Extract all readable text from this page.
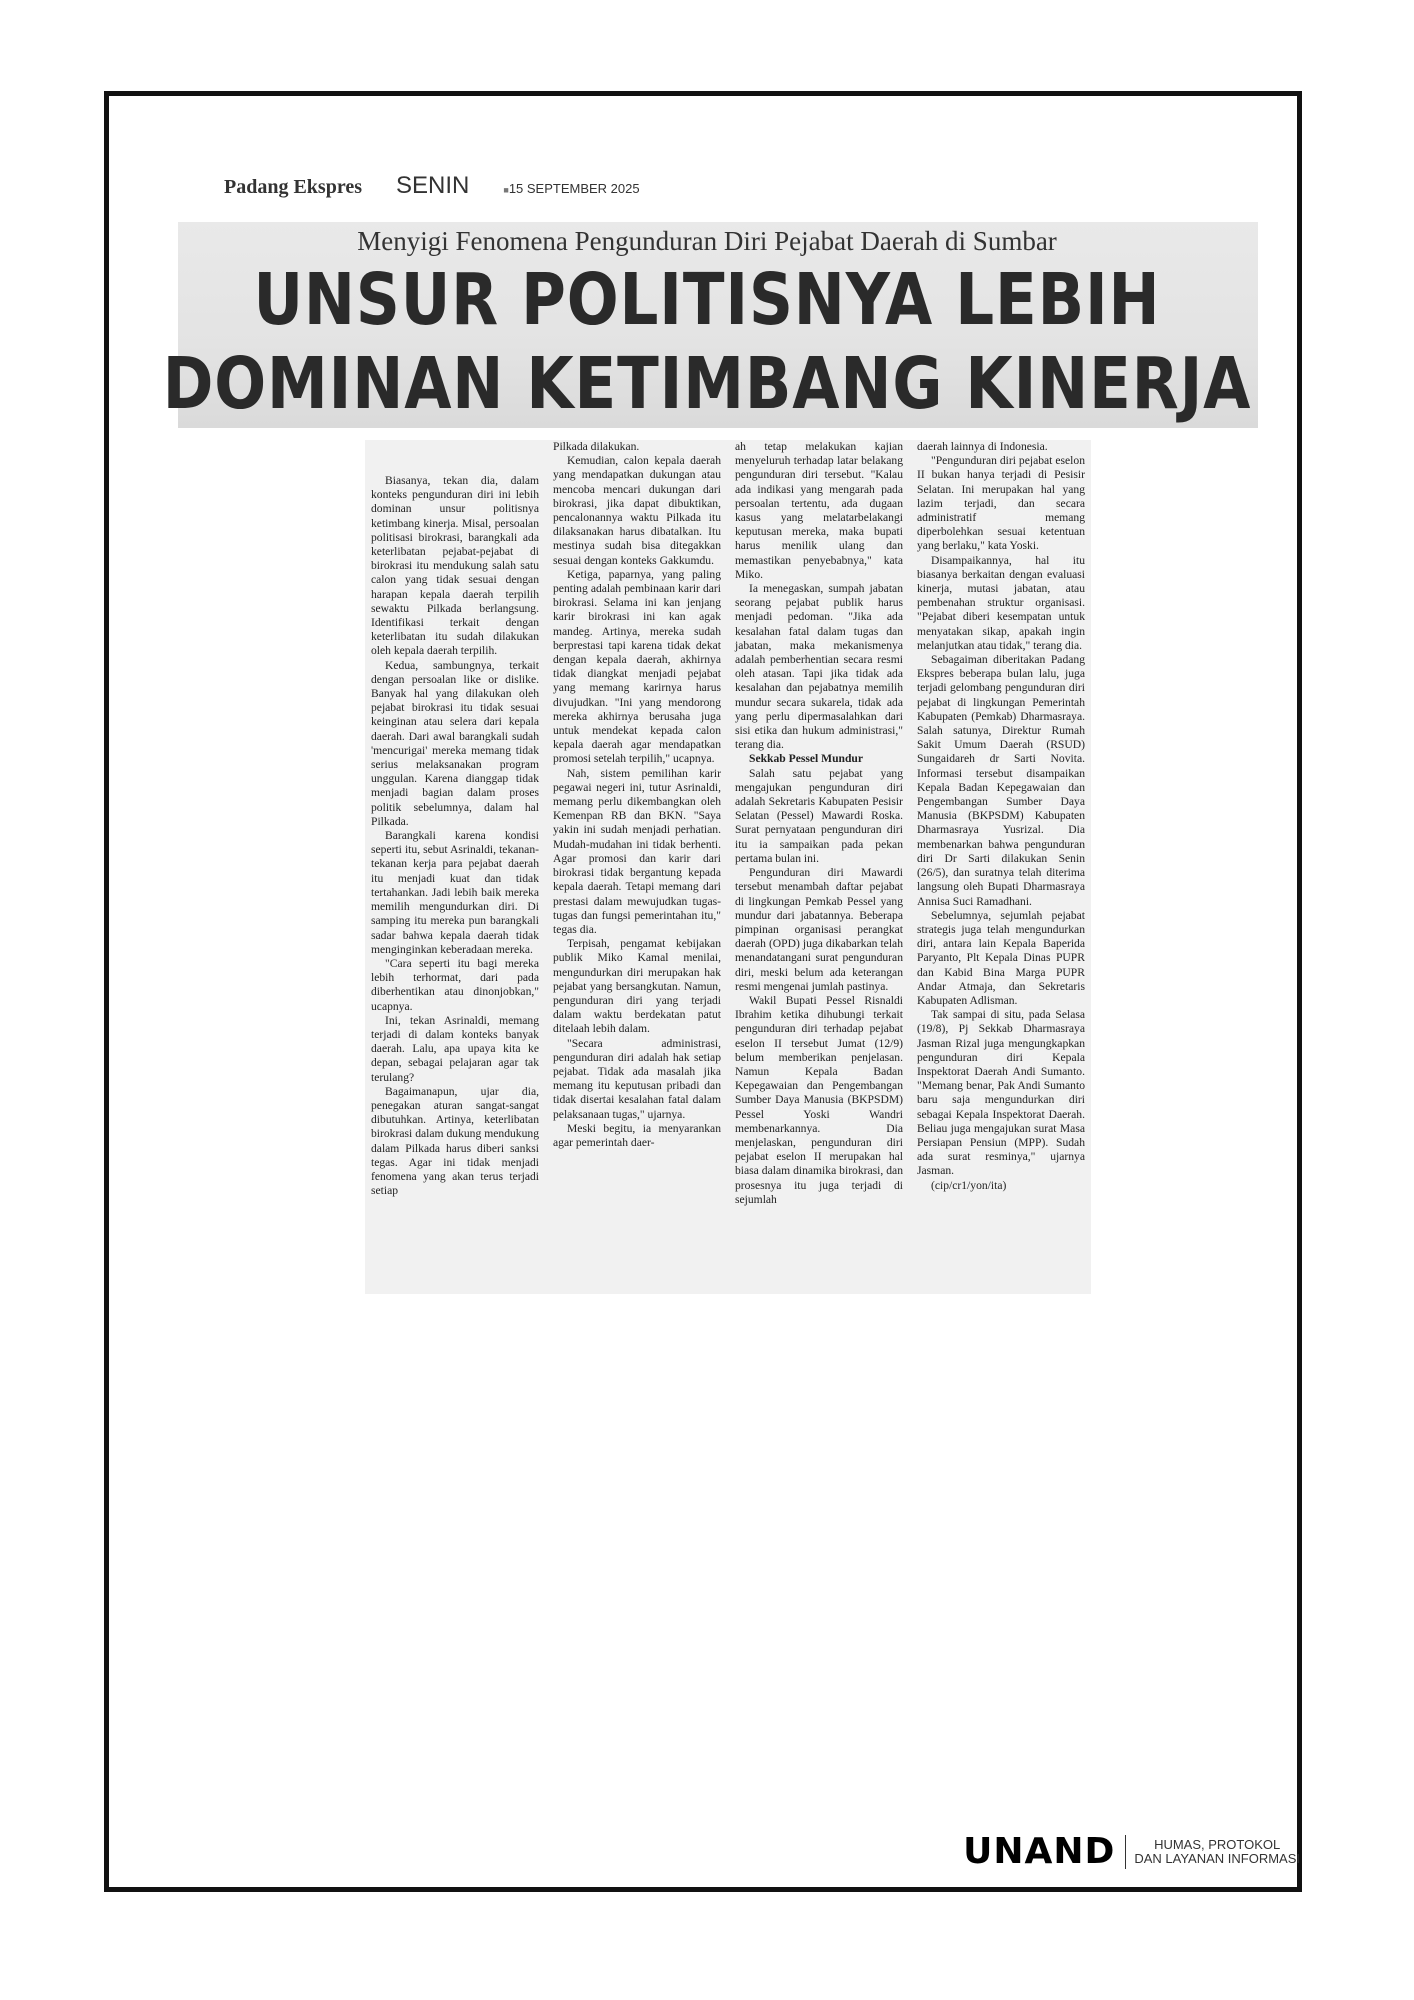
Padang Ekspres SENIN
■	15 SEPTEMBER 2025
Menyigi Fenomena Pengunduran Diri Pejabat Daerah di Sumbar
UNSUR POLITISNYA LEBIH
DOMINAN KETIMBANG KINERJA

Biasanya, tekan dia, dalam konteks pengunduran diri ini lebih dominan unsur politisnya ketimbang kinerja. Misal, persoalan politisasi birokrasi, barangkali ada keterlibatan pejabat-pejabat di birokrasi itu mendukung salah satu calon yang tidak sesuai dengan harapan kepala daerah terpilih sewaktu Pilkada berlangsung. Identifikasi terkait dengan keterlibatan itu sudah dilakukan oleh kepala daerah terpilih.

Kedua, sambungnya, terkait dengan persoalan like or dislike. Banyak hal yang dilakukan oleh pejabat birokrasi itu tidak sesuai keinginan atau selera dari kepala daerah. Dari awal barangkali sudah 'mencurigai' mereka memang tidak serius melaksanakan program unggulan. Karena dianggap tidak menjadi bagian dalam proses politik sebelumnya, dalam hal Pilkada.

Barangkali karena kondisi seperti itu, sebut Asrinaldi, tekanan-tekanan kerja para pejabat daerah itu menjadi kuat dan tidak tertahankan. Jadi lebih baik mereka memilih mengundurkan diri. Di samping itu mereka pun barangkali sadar bahwa kepala daerah tidak menginginkan keberadaan mereka.

"Cara seperti itu bagi mereka lebih terhormat, dari pada diberhentikan atau dinonjobkan," ucapnya.

Ini, tekan Asrinaldi, memang terjadi di dalam konteks banyak daerah. Lalu, apa upaya kita ke depan, sebagai pelajaran agar tak terulang?

Bagaimanapun, ujar dia, penegakan aturan sangat-sangat dibutuhkan. Artinya, keterlibatan birokrasi dalam dukung mendukung dalam Pilkada harus diberi sanksi tegas. Agar ini tidak menjadi fenomena yang akan terus terjadi setiap

Pilkada dilakukan.

Kemudian, calon kepala daerah yang mendapatkan dukungan atau mencoba mencari dukungan dari birokrasi, jika dapat dibuktikan, pencalonannya waktu Pilkada itu dilaksanakan harus dibatalkan. Itu mestinya sudah bisa ditegakkan sesuai dengan konteks Gakkumdu.

Ketiga, paparnya, yang paling penting adalah pembinaan karir dari birokrasi. Selama ini kan jenjang karir birokrasi ini kan agak mandeg. Artinya, mereka sudah berprestasi tapi karena tidak dekat dengan kepala daerah, akhirnya tidak diangkat menjadi pejabat yang memang karirnya harus divujudkan. "Ini yang mendorong mereka akhirnya berusaha juga untuk mendekat kepada calon kepala daerah agar mendapatkan promosi setelah terpilih," ucapnya.

Nah, sistem pemilihan karir pegawai negeri ini, tutur Asrinaldi, memang perlu dikembangkan oleh Kemenpan RB dan BKN. "Saya yakin ini sudah menjadi perhatian. Mudah-mudahan ini tidak berhenti. Agar promosi dan karir dari birokrasi tidak bergantung kepada kepala daerah. Tetapi memang dari prestasi dalam mewujudkan tugas-tugas dan fungsi pemerintahan itu," tegas dia.

Terpisah, pengamat kebijakan publik Miko Kamal menilai, mengundurkan diri merupakan hak pejabat yang bersangkutan. Namun, pengunduran diri yang terjadi dalam waktu berdekatan patut ditelaah lebih dalam.

"Secara administrasi, pengunduran diri adalah hak setiap pejabat. Tidak ada masalah jika memang itu keputusan pribadi dan tidak disertai kesalahan fatal dalam pelaksanaan tugas," ujarnya.

Meski begitu, ia menyarankan agar pemerintah daer-

ah tetap melakukan kajian menyeluruh terhadap latar belakang pengunduran diri tersebut. "Kalau ada indikasi yang mengarah pada persoalan tertentu, ada dugaan kasus yang melatarbelakangi keputusan mereka, maka bupati harus menilik ulang dan memastikan penyebabnya," kata Miko.

Ia menegaskan, sumpah jabatan seorang pejabat publik harus menjadi pedoman. "Jika ada kesalahan fatal dalam tugas dan jabatan, maka mekanismenya adalah pemberhentian secara resmi oleh atasan. Tapi jika tidak ada kesalahan dan pejabatnya memilih mundur secara sukarela, tidak ada yang perlu dipermasalahkan dari sisi etika dan hukum administrasi," terang dia.

Sekkab Pessel Mundur

Salah satu pejabat yang mengajukan pengunduran diri adalah Sekretaris Kabupaten Pesisir Selatan (Pessel) Mawardi Roska. Surat pernyataan pengunduran diri itu ia sampaikan pada pekan pertama bulan ini.

Pengunduran diri Mawardi tersebut menambah daftar pejabat di lingkungan Pemkab Pessel yang mundur dari jabatannya. Beberapa pimpinan organisasi perangkat daerah (OPD) juga dikabarkan telah menandatangani surat pengunduran diri, meski belum ada keterangan resmi mengenai jumlah pastinya.

Wakil Bupati Pessel Risnaldi Ibrahim ketika dihubungi terkait pengunduran diri terhadap pejabat eselon II tersebut Jumat (12/9) belum memberikan penjelasan. Namun Kepala Badan Kepegawaian dan Pengembangan Sumber Daya Manusia (BKPSDM) Pessel Yoski Wandri membenarkannya. Dia menjelaskan, pengunduran diri pejabat eselon II merupakan hal biasa dalam dinamika birokrasi, dan prosesnya itu juga terjadi di sejumlah

daerah lainnya di Indonesia.

"Pengunduran diri pejabat eselon II bukan hanya terjadi di Pesisir Selatan. Ini merupakan hal yang lazim terjadi, dan secara administratif memang diperbolehkan sesuai ketentuan yang berlaku," kata Yoski.

Disampaikannya, hal itu biasanya berkaitan dengan evaluasi kinerja, mutasi jabatan, atau pembenahan struktur organisasi. "Pejabat diberi kesempatan untuk menyatakan sikap, apakah ingin melanjutkan atau tidak," terang dia.

Sebagaiman diberitakan Padang Ekspres beberapa bulan lalu, juga terjadi gelombang pengunduran diri pejabat di lingkungan Pemerintah Kabupaten (Pemkab) Dharmasraya. Salah satunya, Direktur Rumah Sakit Umum Daerah (RSUD) Sungaidareh dr Sarti Novita. Informasi tersebut disampaikan Kepala Badan Kepegawaian dan Pengembangan Sumber Daya Manusia (BKPSDM) Kabupaten Dharmasraya Yusrizal. Dia membenarkan bahwa pengunduran diri Dr Sarti dilakukan Senin (26/5), dan suratnya telah diterima langsung oleh Bupati Dharmasraya Annisa Suci Ramadhani.

Sebelumnya, sejumlah pejabat strategis juga telah mengundurkan diri, antara lain Kepala Baperida Paryanto, Plt Kepala Dinas PUPR dan Kabid Bina Marga PUPR Andar Atmaja, dan Sekretaris Kabupaten Adlisman.

Tak sampai di situ, pada Selasa (19/8), Pj Sekkab Dharmasraya Jasman Rizal juga mengungkapkan pengunduran diri Kepala Inspektorat Daerah Andi Sumanto. "Memang benar, Pak Andi Sumanto baru saja mengundurkan diri sebagai Kepala Inspektorat Daerah. Beliau juga mengajukan surat Masa Persiapan Pensiun (MPP). Sudah ada surat resminya," ujarnya Jasman.

(cip/cr1/yon/ita)

UNAND	HUMAS, PROTOKOL
DAN LAYANAN INFORMASI
